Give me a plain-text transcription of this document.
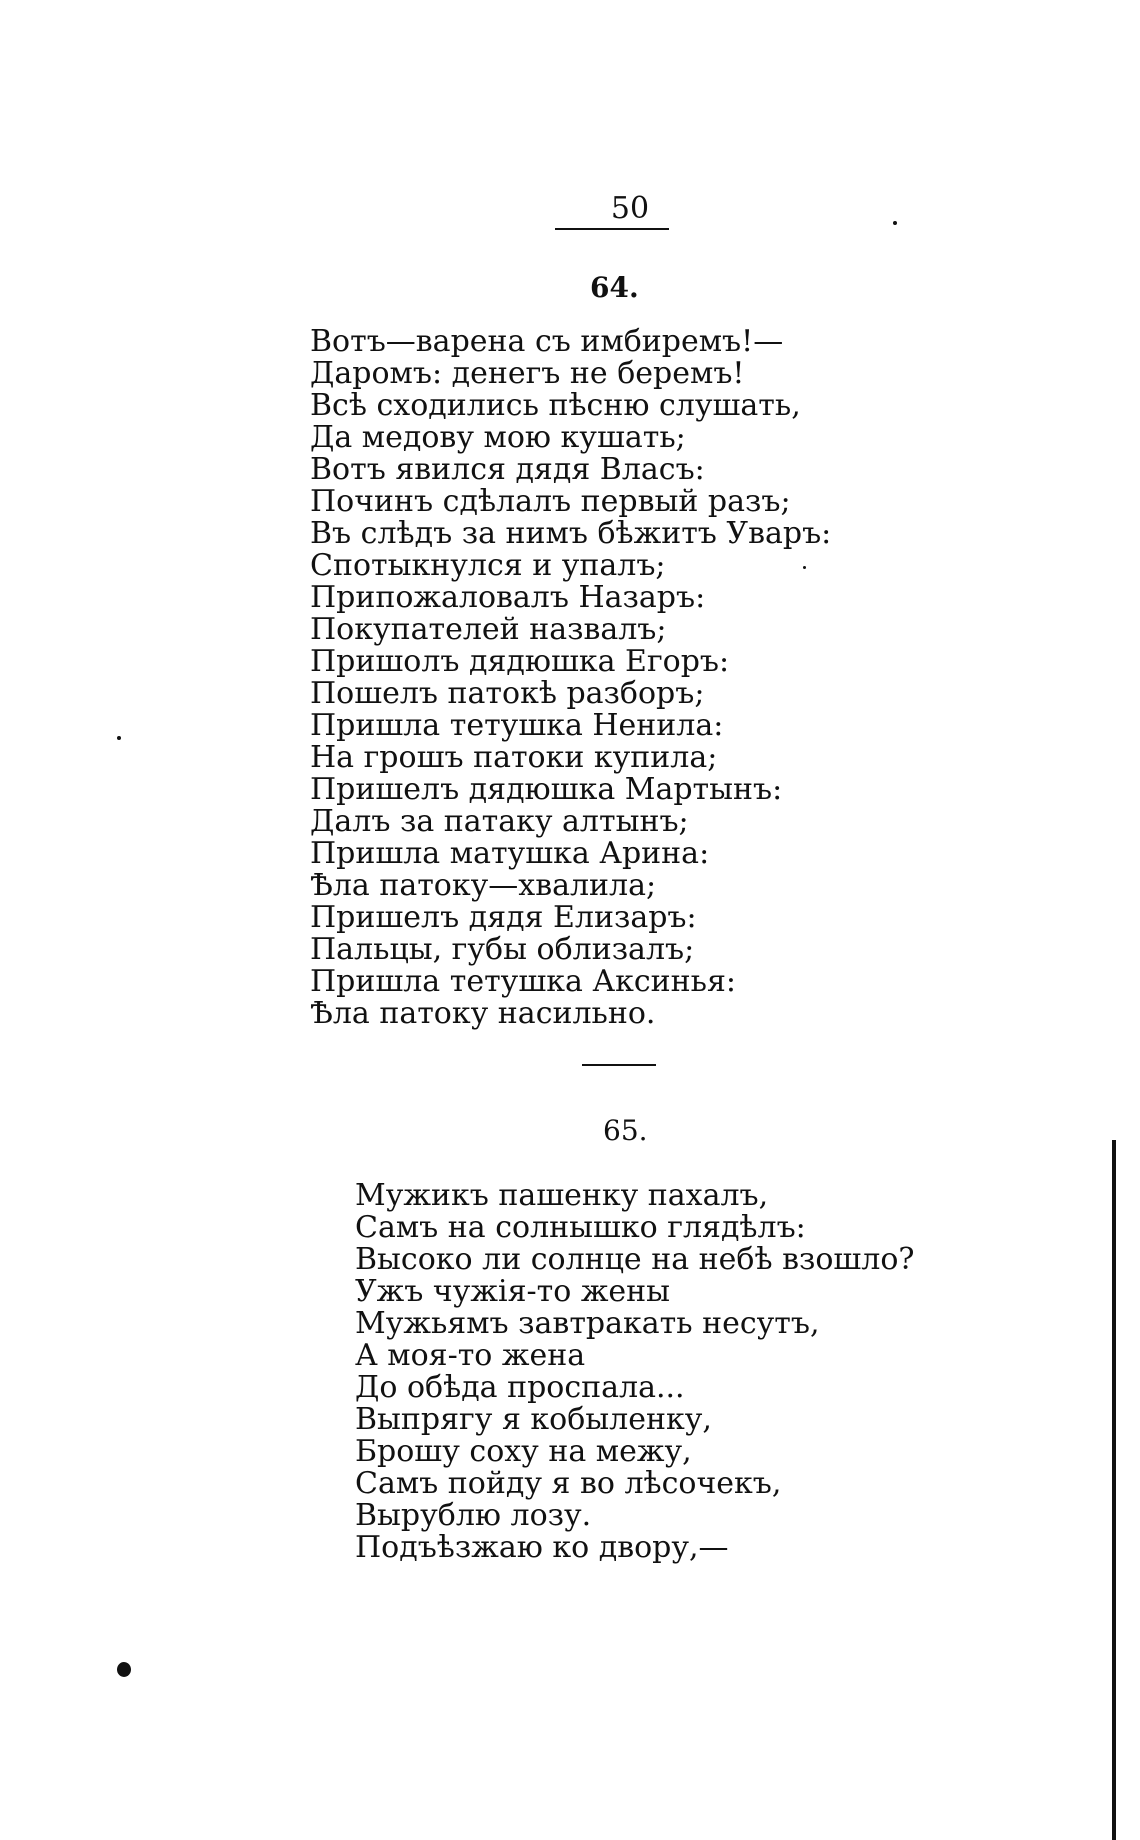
50
64.
Вотъ—варена съ имбиремъ!—
Даромъ: денегъ не беремъ!
Всѣ сходились пѣсню слушать,
Да медову мою кушать;
Вотъ явился дядя Власъ:
Починъ сдѣлалъ первый разъ;
Въ слѣдъ за нимъ бѣжитъ Уваръ:
Спотыкнулся и упалъ;
Припожаловалъ Назаръ:
Покупателей назвалъ;
Пришолъ дядюшка Егоръ:
Пошелъ патокѣ разборъ;
Пришла тетушка Ненила:
На грошъ патоки купила;
Пришелъ дядюшка Мартынъ:
Далъ за патаку алтынъ;
Пришла матушка Арина:
Ѣла патоку—хвалила;
Пришелъ дядя Елизаръ:
Пальцы, губы облизалъ;
Пришла тетушка Аксинья:
Ѣла патоку насильно.
65.
Мужикъ пашенку пахалъ,
Самъ на солнышко глядѣлъ:
Высоко ли солнце на небѣ взошло?
Ужъ чужія-то жены
Мужьямъ завтракать несутъ,
А моя-то жена
До обѣда проспала...
Выпрягу я кобыленку,
Брошу соху на межу,
Самъ пойду я во лѣсочекъ,
Вырублю лозу.
Подъѣзжаю ко двору,—
